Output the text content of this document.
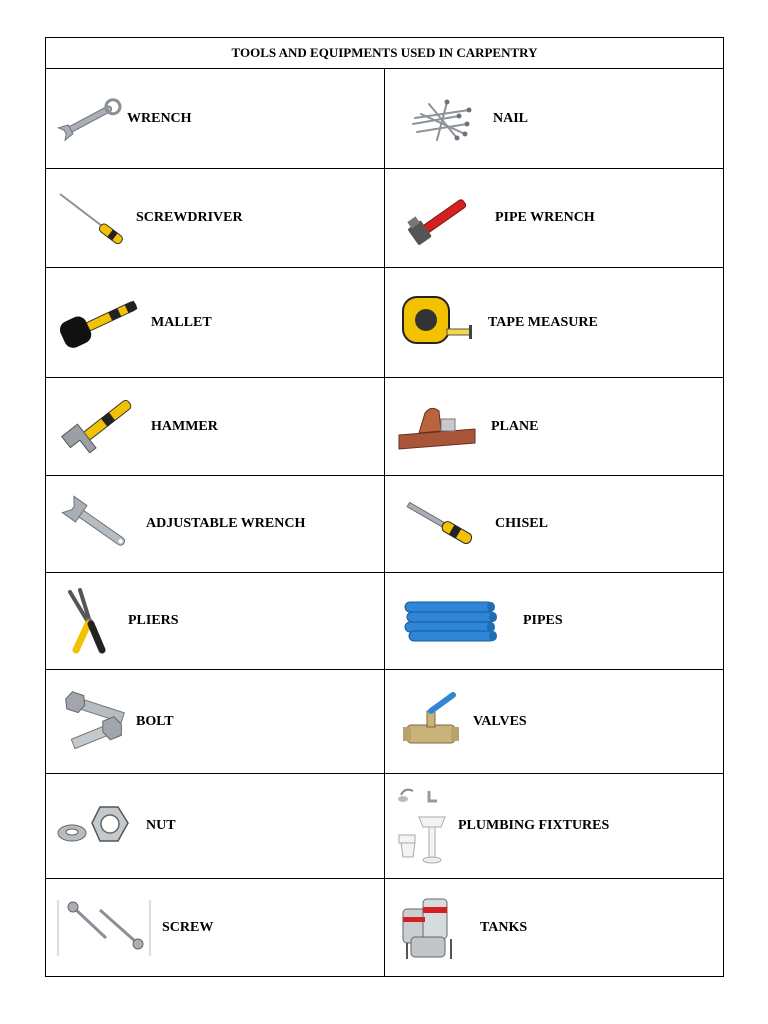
TOOLS AND EQUIPMENTS USED IN CARPENTRY	

WRENCH	NAIL

SCREWDRIVER	PIPE WRENCH

MALLET	TAPE MEASURE

HAMMER	PLANE

ADJUSTABLE WRENCH	CHISEL

PLIERS	PIPES

BOLT	VALVES

NUT	PLUMBING FIXTURES

SCREW	TANKS
